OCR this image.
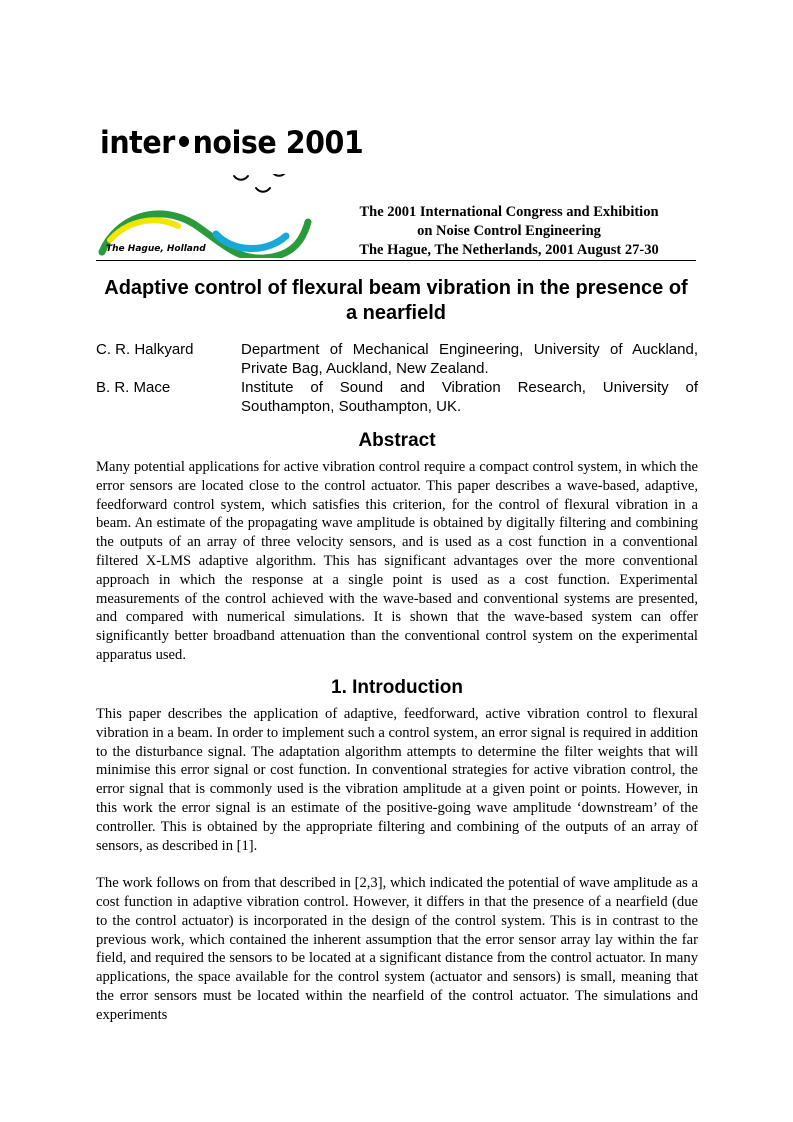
inter•noise 2001
The Hague, Holland
The 2001 International Congress and Exhibition
on Noise Control Engineering
The Hague, The Netherlands, 2001 August 27-30
Adaptive control of flexural beam vibration in the presence of a nearfield
C. R. Halkyard	Department of Mechanical Engineering, University of Auckland, Private Bag, Auckland, New Zealand.
B. R. Mace	Institute of Sound and Vibration Research, University of Southampton, Southampton, UK.
Abstract

Many potential applications for active vibration control require a compact control system, in which the error sensors are located close to the control actuator. This paper describes a wave-based, adaptive, feedforward control system, which satisfies this criterion, for the control of flexural vibration in a beam. An estimate of the propagating wave amplitude is obtained by digitally filtering and combining the outputs of an array of three velocity sensors, and is used as a cost function in a conventional filtered X-LMS adaptive algorithm. This has significant advantages over the more conventional approach in which the response at a single point is used as a cost function. Experimental measurements of the control achieved with the wave-based and conventional systems are presented, and compared with numerical simulations. It is shown that the wave-based system can offer significantly better broadband attenuation than the conventional control system on the experimental apparatus used.

1. Introduction

This paper describes the application of adaptive, feedforward, active vibration control to flexural vibration in a beam. In order to implement such a control system, an error signal is required in addition to the disturbance signal. The adaptation algorithm attempts to determine the filter weights that will minimise this error signal or cost function. In conventional strategies for active vibration control, the error signal that is commonly used is the vibration amplitude at a given point or points. However, in this work the error signal is an estimate of the positive-going wave amplitude ‘downstream’ of the controller. This is obtained by the appropriate filtering and combining of the outputs of an array of sensors, as described in [1].

The work follows on from that described in [2,3], which indicated the potential of wave amplitude as a cost function in adaptive vibration control. However, it differs in that the presence of a nearfield (due to the control actuator) is incorporated in the design of the control system. This is in contrast to the previous work, which contained the inherent assumption that the error sensor array lay within the far field, and required the sensors to be located at a significant distance from the control actuator. In many applications, the space available for the control system (actuator and sensors) is small, meaning that the error sensors must be located within the nearfield of the control actuator. The simulations and experiments
